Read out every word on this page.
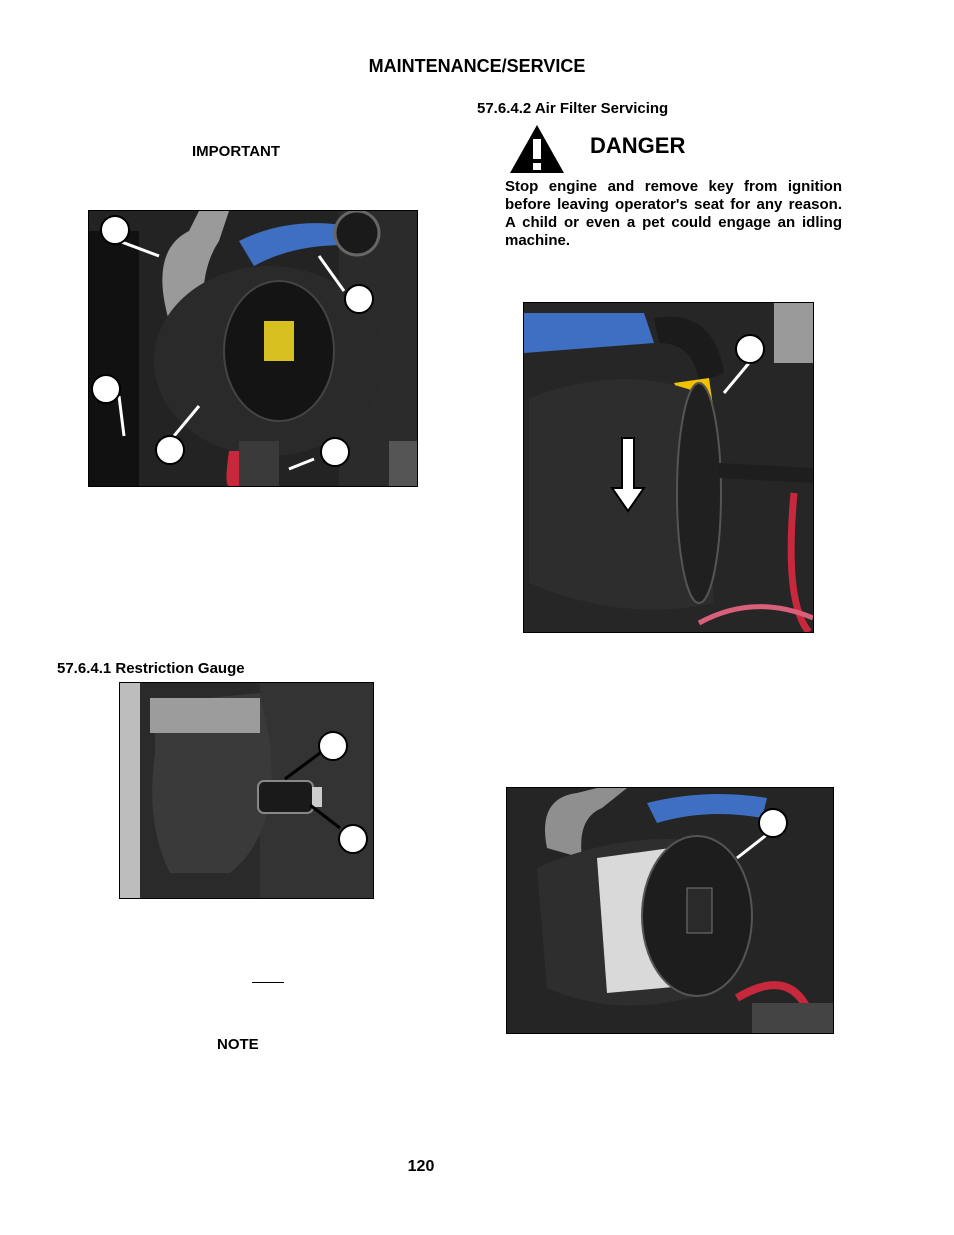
MAINTENANCE/SERVICE
IMPORTANT
57.6.4.1 Restriction Gauge
NOTE
57.6.4.2 Air Filter Servicing
DANGER
Stop engine and remove key from ignition before leaving operator's seat for any reason. A child or even a pet could engage an idling machine.
120
